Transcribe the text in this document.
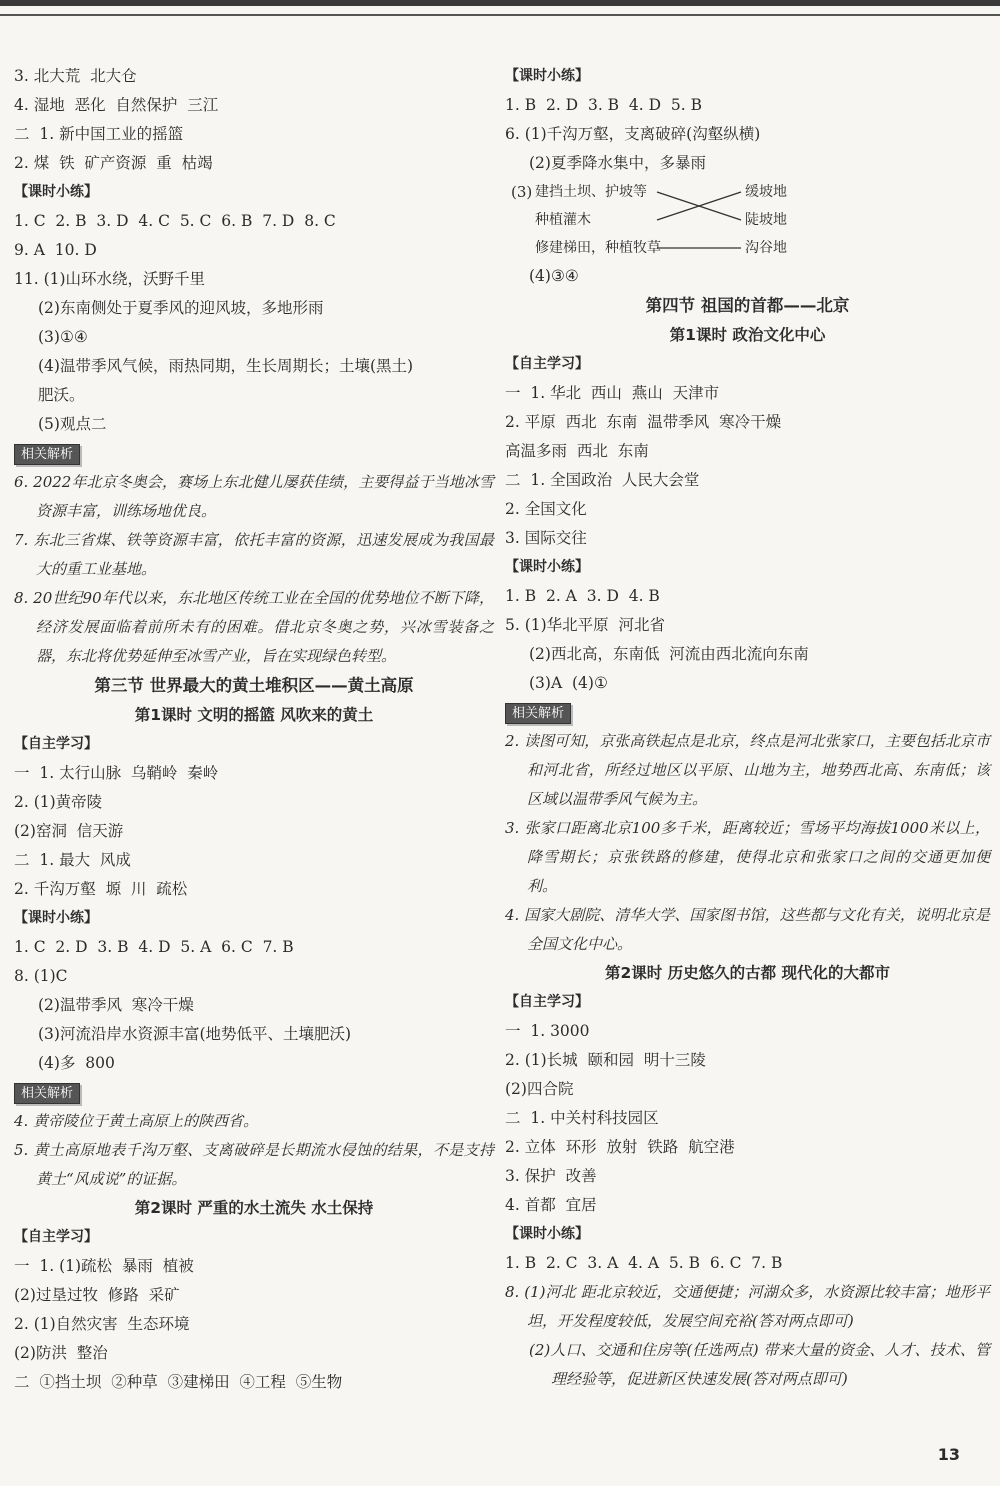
3. 北大荒  北大仓
4. 湿地  恶化  自然保护  三江
二  1. 新中国工业的摇篮
2. 煤  铁  矿产资源  重  枯竭
【课时小练】
1. C  2. B  3. D  4. C  5. C  6. B  7. D  8. C
9. A  10. D
11. (1)山环水绕，沃野千里
(2)东南侧处于夏季风的迎风坡，多地形雨
(3)①④
(4)温带季风气候，雨热同期，生长周期长；土壤(黑土)
肥沃。
(5)观点二
相关解析
6. 2022年北京冬奥会，赛场上东北健儿屡获佳绩，主要得益于当地冰雪资源丰富，训练场地优良。
7. 东北三省煤、铁等资源丰富，依托丰富的资源，迅速发展成为我国最大的重工业基地。
8. 20世纪90年代以来，东北地区传统工业在全国的优势地位不断下降，经济发展面临着前所未有的困难。借北京冬奥之势，兴冰雪装备之器，东北将优势延伸至冰雪产业，旨在实现绿色转型。
第三节 世界最大的黄土堆积区——黄土高原
第1课时 文明的摇篮 风吹来的黄土
【自主学习】
一  1. 太行山脉  乌鞘岭  秦岭
2. (1)黄帝陵
(2)窑洞  信天游
二  1. 最大  风成
2. 千沟万壑  塬  川  疏松
【课时小练】
1. C  2. D  3. B  4. D  5. A  6. C  7. B
8. (1)C
(2)温带季风  寒冷干燥
(3)河流沿岸水资源丰富(地势低平、土壤肥沃)
(4)多  800
相关解析
4. 黄帝陵位于黄土高原上的陕西省。
5. 黄土高原地表千沟万壑、支离破碎是长期流水侵蚀的结果，不是支持黄土“风成说”的证据。
第2课时 严重的水土流失 水土保持
【自主学习】
一  1. (1)疏松  暴雨  植被
(2)过垦过牧  修路  采矿
2. (1)自然灾害  生态环境
(2)防洪  整治
二  ①挡土坝  ②种草  ③建梯田  ④工程  ⑤生物
【课时小练】
1. B  2. D  3. B  4. D  5. B
6. (1)千沟万壑，支离破碎(沟壑纵横)
(2)夏季降水集中，多暴雨
(3) 建挡土坝、护坡等
种植灌木
修建梯田，种植牧草
缓坡地
陡坡地
沟谷地
(4)③④
第四节 祖国的首都——北京
第1课时 政治文化中心
【自主学习】
一  1. 华北  西山  燕山  天津市
2. 平原  西北  东南  温带季风  寒冷干燥
高温多雨  西北  东南
二  1. 全国政治  人民大会堂
2. 全国文化
3. 国际交往
【课时小练】
1. B  2. A  3. D  4. B
5. (1)华北平原  河北省
(2)西北高，东南低  河流由西北流向东南
(3)A  (4)①
相关解析
2. 读图可知，京张高铁起点是北京，终点是河北张家口，主要包括北京市和河北省，所经过地区以平原、山地为主，地势西北高、东南低；该区域以温带季风气候为主。
3. 张家口距离北京100多千米，距离较近；雪场平均海拔1000米以上，降雪期长；京张铁路的修建，使得北京和张家口之间的交通更加便利。
4. 国家大剧院、清华大学、国家图书馆，这些都与文化有关，说明北京是全国文化中心。
第2课时 历史悠久的古都 现代化的大都市
【自主学习】
一  1. 3000
2. (1)长城  颐和园  明十三陵
(2)四合院
二  1. 中关村科技园区
2. 立体  环形  放射  铁路  航空港
3. 保护  改善
4. 首都  宜居
【课时小练】
1. B  2. C  3. A  4. A  5. B  6. C  7. B
8. (1)河北 距北京较近，交通便捷；河湖众多，水资源比较丰富；地形平坦，开发程度较低，发展空间充裕(答对两点即可)
(2)人口、交通和住房等(任选两点) 带来大量的资金、人才、技术、管理经验等，促进新区快速发展(答对两点即可)
13
